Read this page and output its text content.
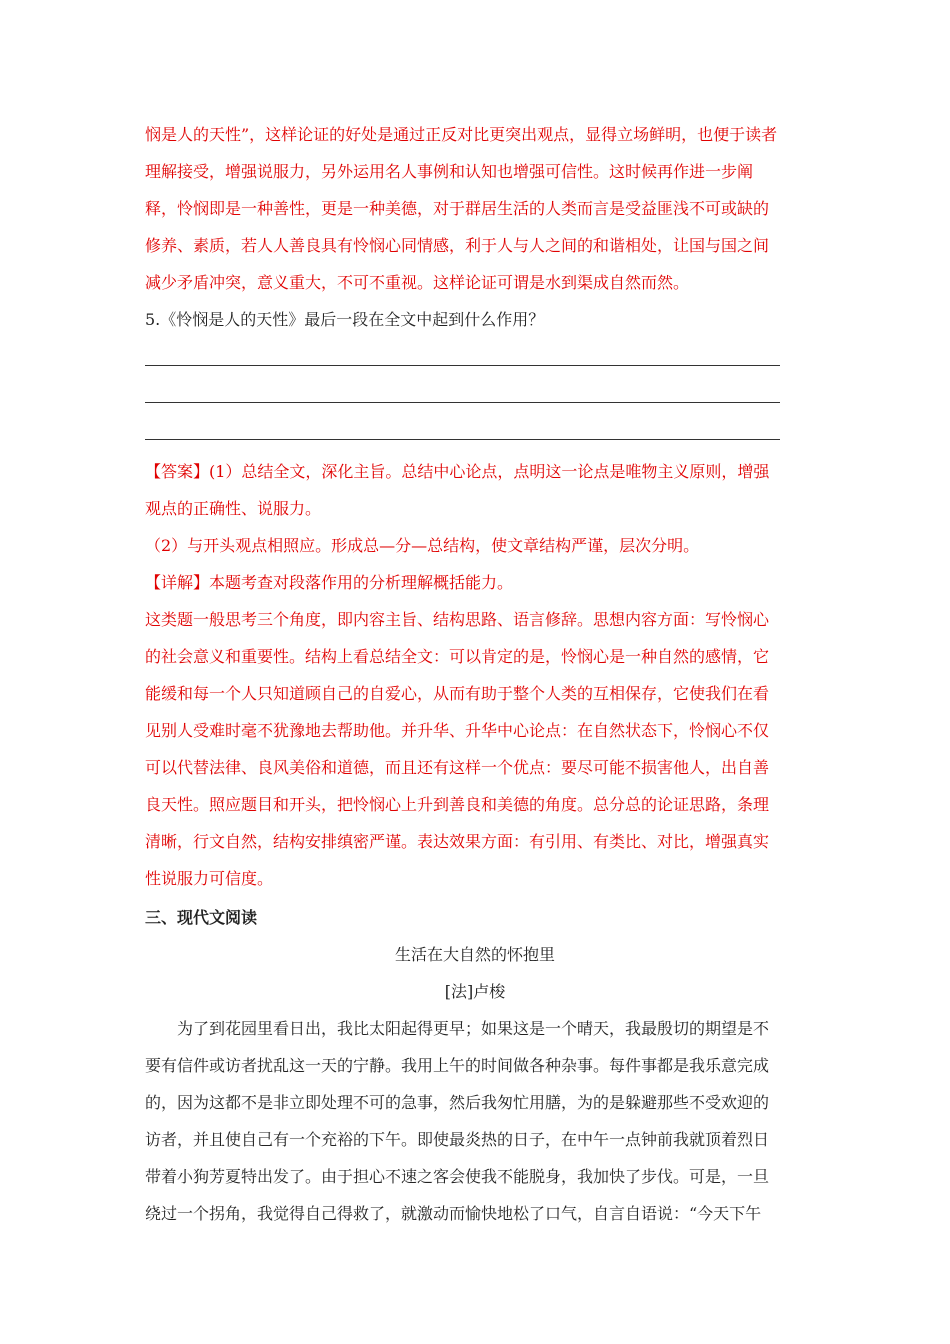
悯是人的天性”，这样论证的好处是通过正反对比更突出观点，显得立场鲜明，也便于读者
理解接受，增强说服力，另外运用名人事例和认知也增强可信性。这时候再作进一步阐
释，怜悯即是一种善性，更是一种美德，对于群居生活的人类而言是受益匪浅不可或缺的
修养、素质，若人人善良具有怜悯心同情感，利于人与人之间的和谐相处，让国与国之间
减少矛盾冲突，意义重大，不可不重视。这样论证可谓是水到渠成自然而然。
5.《怜悯是人的天性》最后一段在全文中起到什么作用？
【答案】(1）总结全文，深化主旨。总结中心论点，点明这一论点是唯物主义原则，增强
观点的正确性、说服力。
（2）与开头观点相照应。形成总—分—总结构，使文章结构严谨，层次分明。
【详解】本题考查对段落作用的分析理解概括能力。
这类题一般思考三个角度，即内容主旨、结构思路、语言修辞。思想内容方面：写怜悯心
的社会意义和重要性。结构上看总结全文：可以肯定的是，怜悯心是一种自然的感情，它
能缓和每一个人只知道顾自己的自爱心，从而有助于整个人类的互相保存，它使我们在看
见别人受难时毫不犹豫地去帮助他。并升华、升华中心论点：在自然状态下，怜悯心不仅
可以代替法律、良风美俗和道德，而且还有这样一个优点：要尽可能不损害他人，出自善
良天性。照应题目和开头，把怜悯心上升到善良和美德的角度。总分总的论证思路，条理
清晰，行文自然，结构安排缜密严谨。表达效果方面：有引用、有类比、对比，增强真实
性说服力可信度。
三、现代文阅读
生活在大自然的怀抱里
[法]卢梭
为了到花园里看日出，我比太阳起得更早；如果这是一个晴天，我最殷切的期望是不
要有信件或访者扰乱这一天的宁静。我用上午的时间做各种杂事。每件事都是我乐意完成
的，因为这都不是非立即处理不可的急事，然后我匆忙用膳，为的是躲避那些不受欢迎的
访者，并且使自己有一个充裕的下午。即使最炎热的日子，在中午一点钟前我就顶着烈日
带着小狗芳夏特出发了。由于担心不速之客会使我不能脱身，我加快了步伐。可是，一旦
绕过一个拐角，我觉得自己得救了，就激动而愉快地松了口气，自言自语说：“今天下午
